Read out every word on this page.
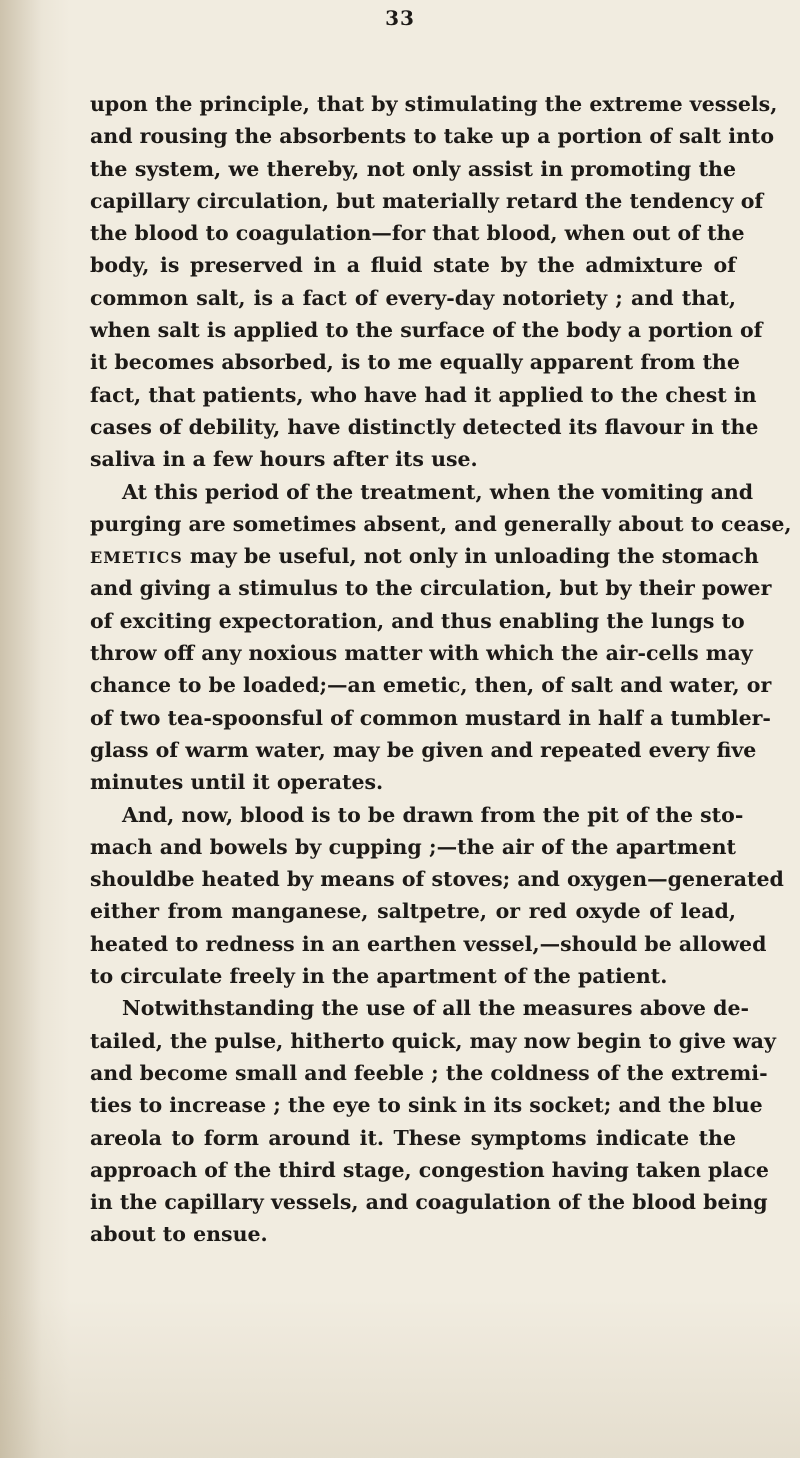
33
upon the principle, that by stimulating the extreme vessels,
and rousing the absorbents to take up a portion of salt into
the system, we thereby, not only assist in promoting the
capillary circulation, but materially retard the tendency of
the blood to coagulation—for that blood, when out of the
body, is preserved in a fluid state by the admixture of
common salt, is a fact of every-day notoriety ; and that,
when salt is applied to the surface of the body a portion of
it becomes absorbed, is to me equally apparent from the
fact, that patients, who have had it applied to the chest in
cases of debility, have distinctly detected its flavour in the
saliva in a few hours after its use.
At this period of the treatment, when the vomiting and
purging are sometimes absent, and generally about to cease,
EMETICS may be useful, not only in unloading the stomach
and giving a stimulus to the circulation, but by their power
of exciting expectoration, and thus enabling the lungs to
throw off any noxious matter with which the air-cells may
chance to be loaded;—an emetic, then, of salt and water, or
of two tea-spoonsful of common mustard in half a tumbler-
glass of warm water, may be given and repeated every five
minutes until it operates.
And, now, blood is to be drawn from the pit of the sto-
mach and bowels by cupping ;—the air of the apartment
shouldbe heated by means of stoves; and oxygen—generated
either from manganese, saltpetre, or red oxyde of lead,
heated to redness in an earthen vessel,—should be allowed
to circulate freely in the apartment of the patient.
Notwithstanding the use of all the measures above de-
tailed, the pulse, hitherto quick, may now begin to give way
and become small and feeble ; the coldness of the extremi-
ties to increase ; the eye to sink in its socket; and the blue
areola to form around it. These symptoms indicate the
approach of the third stage, congestion having taken place
in the capillary vessels, and coagulation of the blood being
about to ensue.
